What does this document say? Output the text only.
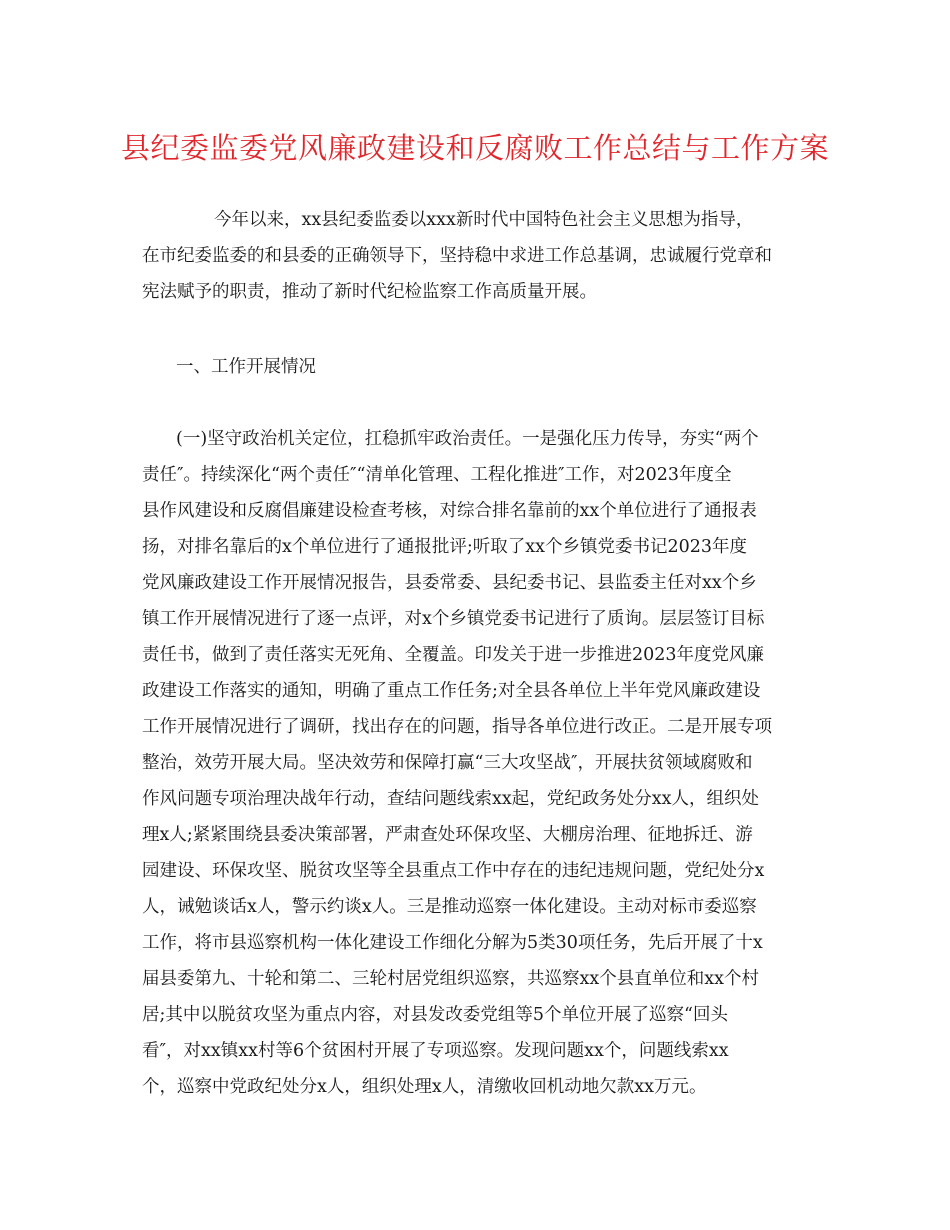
县纪委监委党风廉政建设和反腐败工作总结与工作方案

今年以来，xx县纪委监委以xxx新时代中国特色社会主义思想为指导，

在市纪委监委的和县委的正确领导下，坚持稳中求进工作总基调，忠诚履行党章和

宪法赋予的职责，推动了新时代纪检监察工作高质量开展。

一、工作开展情况

(一)坚守政治机关定位，扛稳抓牢政治责任。一是强化压力传导，夯实“两个

责任″。持续深化“两个责任″“清单化管理、工程化推进″工作，对2023年度全

县作风建设和反腐倡廉建设检查考核，对综合排名靠前的xx个单位进行了通报表

扬，对排名靠后的x个单位进行了通报批评;听取了xx个乡镇党委书记2023年度

党风廉政建设工作开展情况报告，县委常委、县纪委书记、县监委主任对xx个乡

镇工作开展情况进行了逐一点评，对x个乡镇党委书记进行了质询。层层签订目标

责任书，做到了责任落实无死角、全覆盖。印发关于进一步推进2023年度党风廉

政建设工作落实的通知，明确了重点工作任务;对全县各单位上半年党风廉政建设

工作开展情况进行了调研，找出存在的问题，指导各单位进行改正。二是开展专项

整治，效劳开展大局。坚决效劳和保障打赢“三大攻坚战″，开展扶贫领域腐败和

作风问题专项治理决战年行动，查结问题线索xx起，党纪政务处分xx人，组织处

理x人;紧紧围绕县委决策部署，严肃查处环保攻坚、大棚房治理、征地拆迁、游

园建设、环保攻坚、脱贫攻坚等全县重点工作中存在的违纪违规问题，党纪处分x

人，诫勉谈话x人，警示约谈x人。三是推动巡察一体化建设。主动对标市委巡察

工作，将市县巡察机构一体化建设工作细化分解为5类30项任务，先后开展了十x

届县委第九、十轮和第二、三轮村居党组织巡察，共巡察xx个县直单位和xx个村

居;其中以脱贫攻坚为重点内容，对县发改委党组等5个单位开展了巡察“回头

看″，对xx镇xx村等6个贫困村开展了专项巡察。发现问题xx个，问题线索xx

个，巡察中党政纪处分x人，组织处理x人，清缴收回机动地欠款xx万元。
